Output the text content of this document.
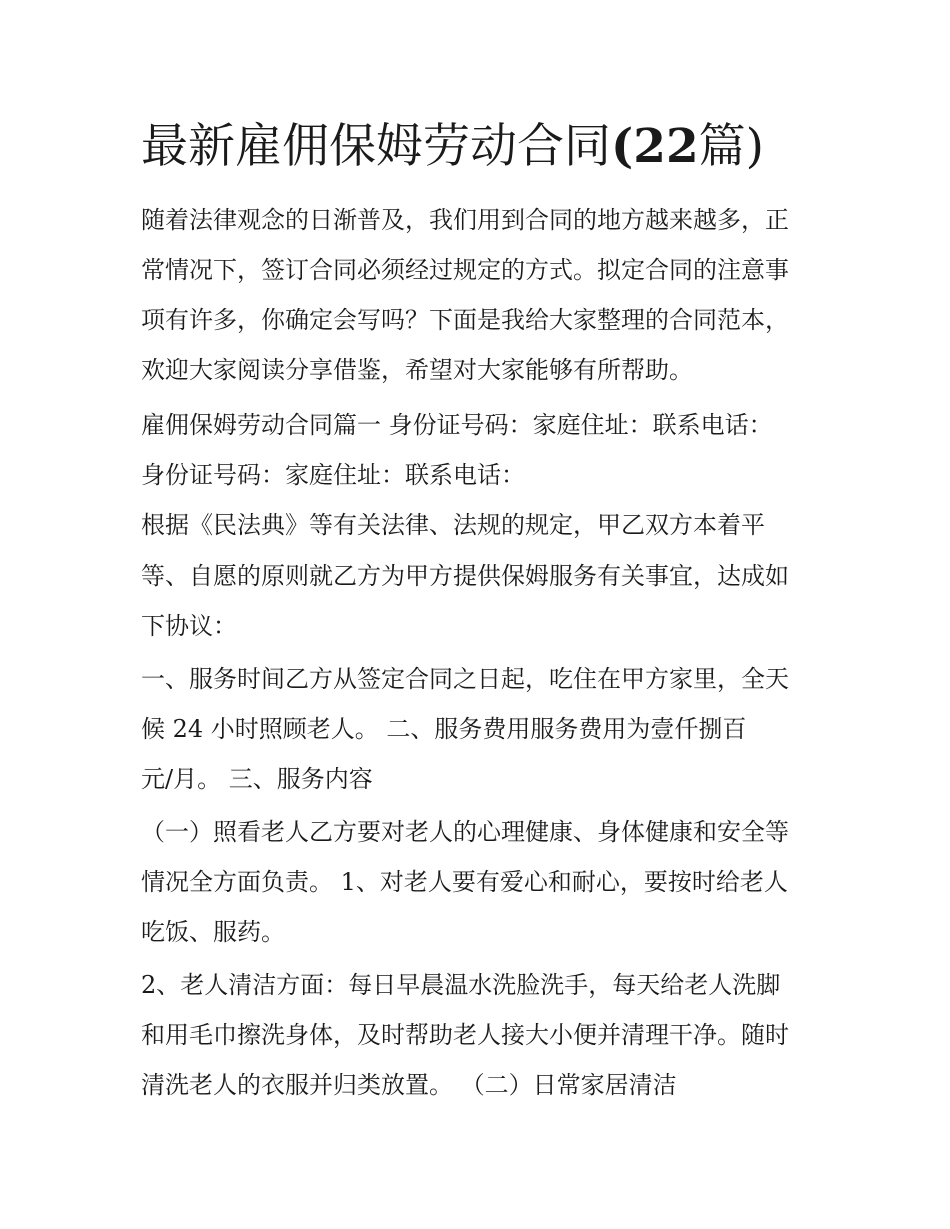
最新雇佣保姆劳动合同(22篇)

随着法律观念的日渐普及，我们用到合同的地方越来越多，正

常情况下，签订合同必须经过规定的方式。拟定合同的注意事

项有许多，你确定会写吗？下面是我给大家整理的合同范本，

欢迎大家阅读分享借鉴，希望对大家能够有所帮助。

雇佣保姆劳动合同篇一 身份证号码：家庭住址：联系电话：

身份证号码：家庭住址：联系电话：

根据《民法典》等有关法律、法规的规定，甲乙双方本着平

等、自愿的原则就乙方为甲方提供保姆服务有关事宜，达成如

下协议：

一、服务时间乙方从签定合同之日起，吃住在甲方家里，全天

候 24 小时照顾老人。 二、服务费用服务费用为壹仟捌百

元/月。 三、服务内容

（一）照看老人乙方要对老人的心理健康、身体健康和安全等

情况全方面负责。 1、对老人要有爱心和耐心，要按时给老人

吃饭、服药。

2、老人清洁方面：每日早晨温水洗脸洗手，每天给老人洗脚

和用毛巾擦洗身体，及时帮助老人接大小便并清理干净。随时

清洗老人的衣服并归类放置。 （二）日常家居清洁
